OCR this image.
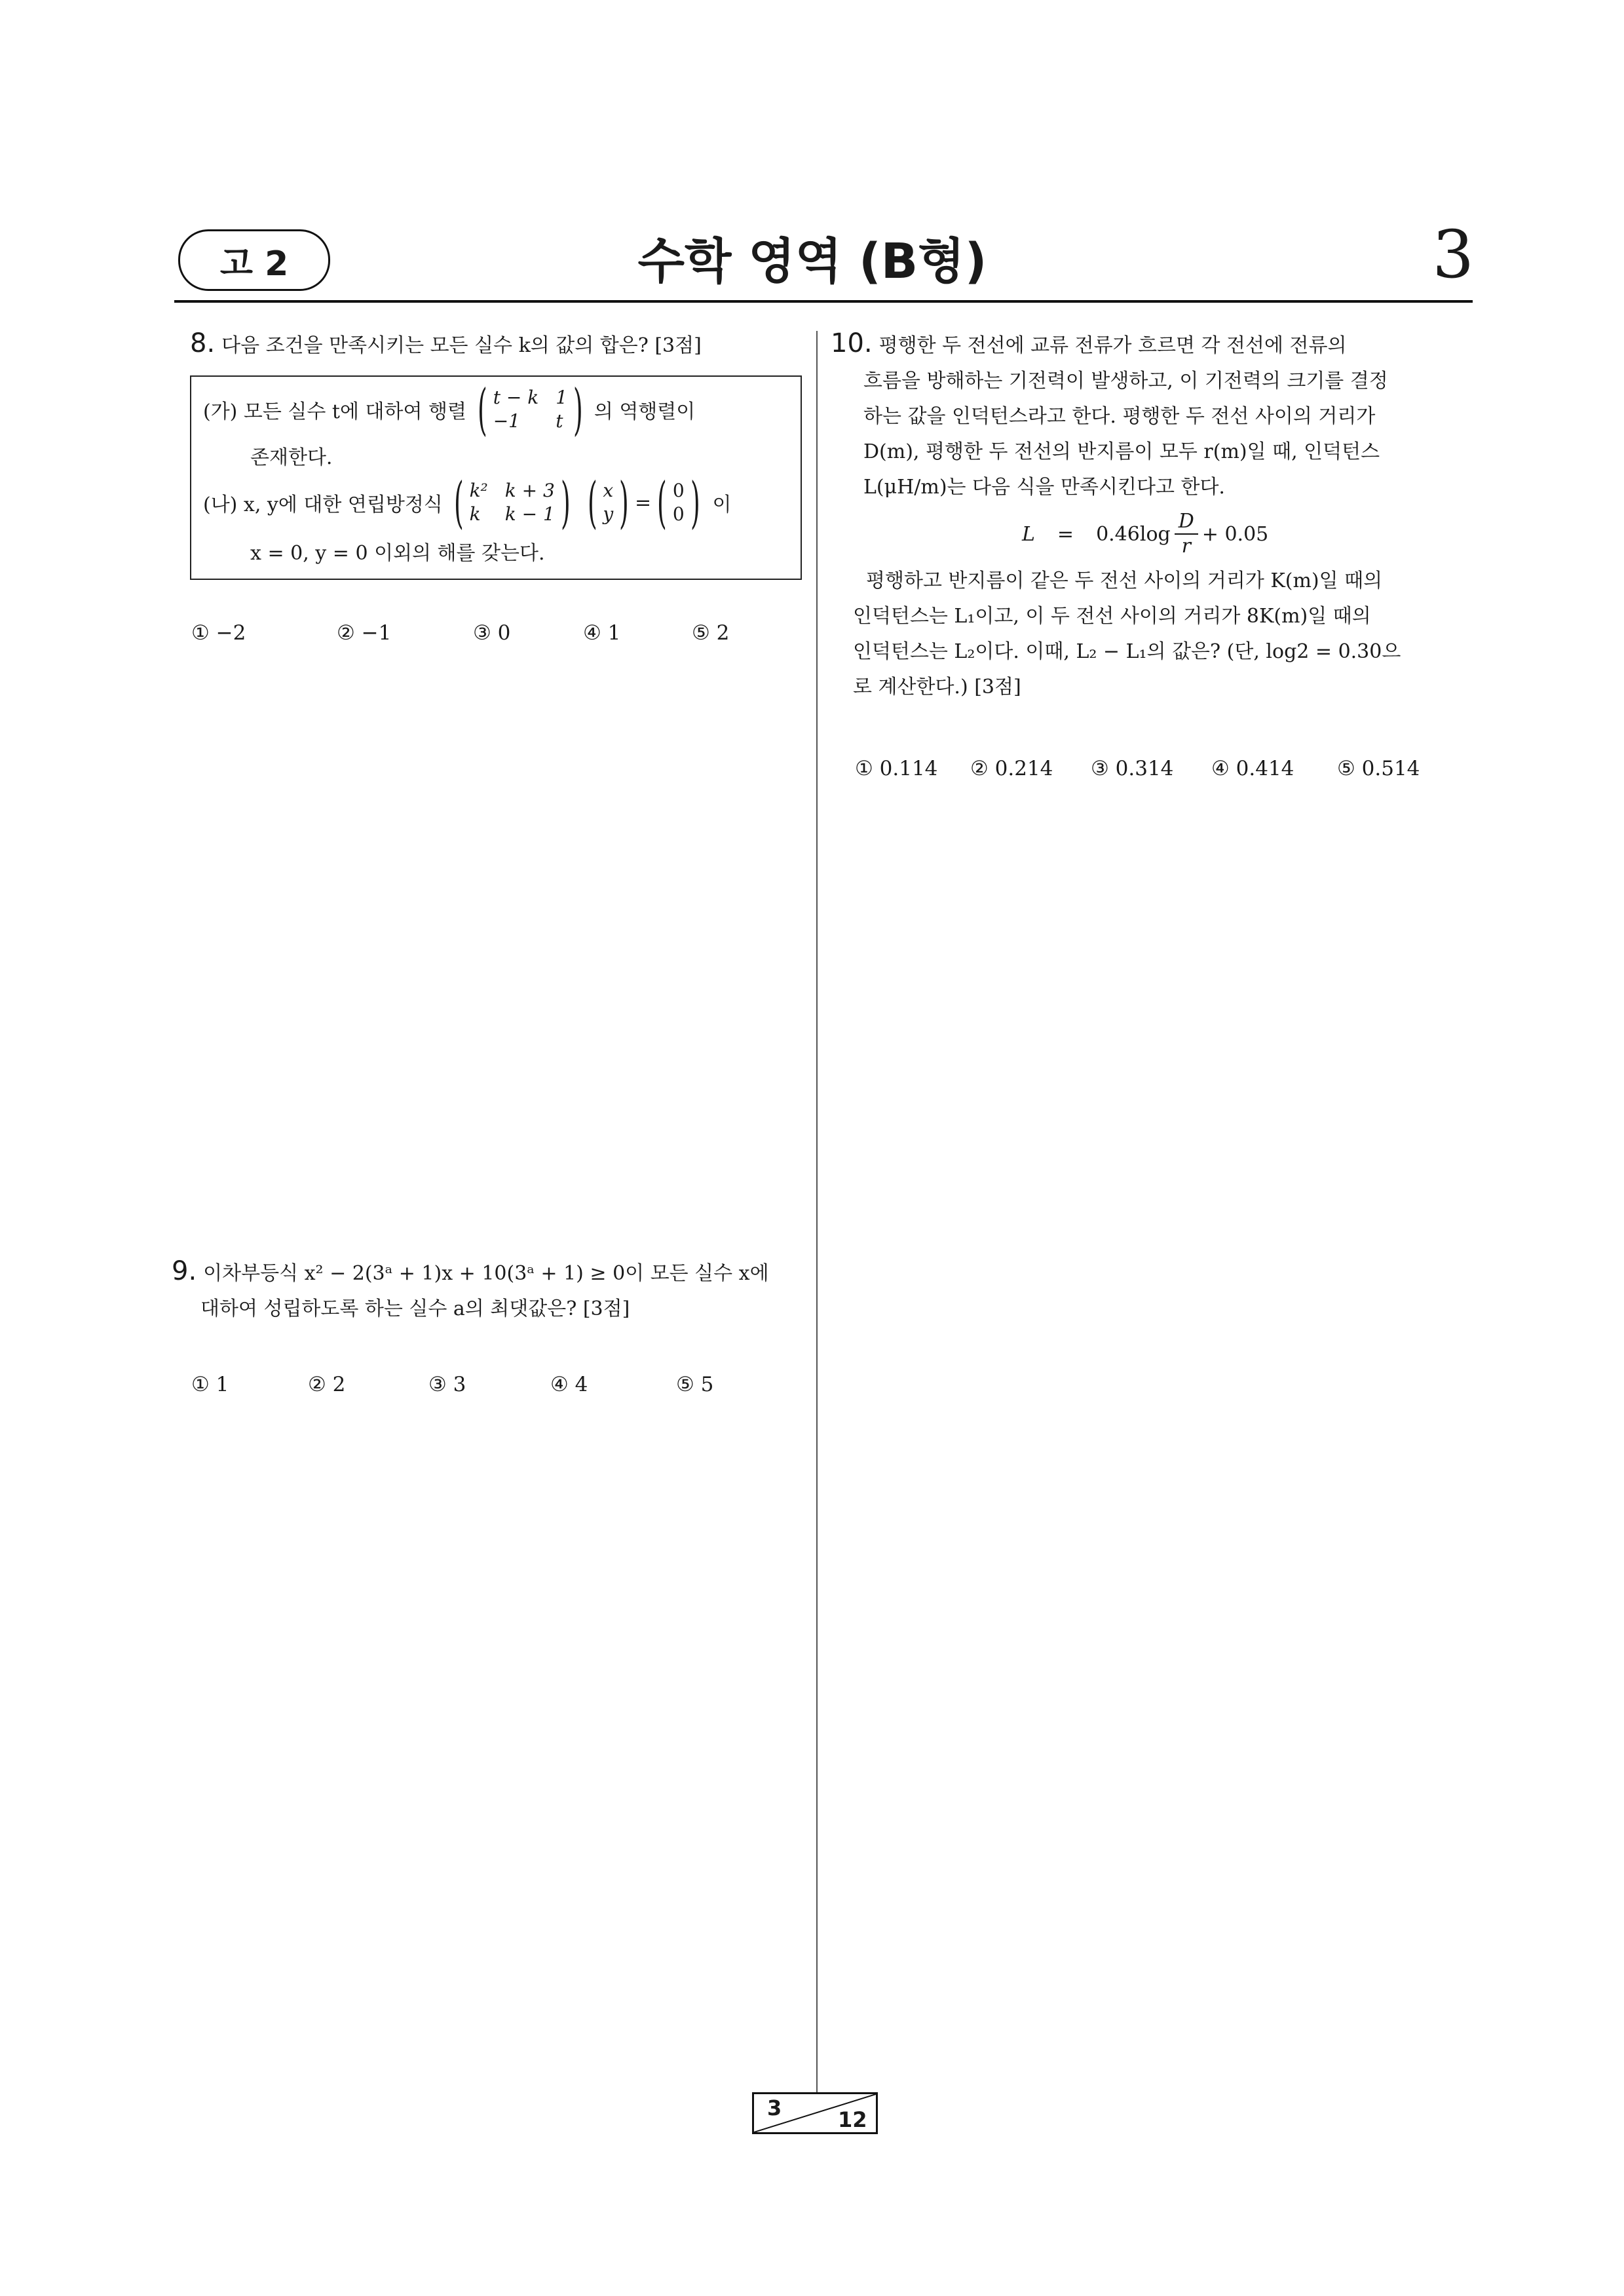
고 2	수학 영역 (B형)	3
8. 다음 조건을 만족시키는 모든 실수 k의 값의 합은? [3점]
(가) 모든 실수 t에 대하여 행렬 ( t − k 1
−1	t ) 의 역행렬이
존재한다.
(나) x, y에 대한 연립방정식 ( k² k + 3
k	k − 1 ) ( x
y ) = ( 0
0 ) 이
x = 0, y = 0 이외의 해를 갖는다.
① −2	② −1	③ 0	④ 1	⑤ 2
9. 이차부등식 x² − 2(3ᵃ + 1)x + 10(3ᵃ + 1) ≥ 0이 모든 실수 x에
대하여 성립하도록 하는 실수 a의 최댓값은? [3점]
① 1	② 2	③ 3	④ 4	⑤ 5
10. 평행한 두 전선에 교류 전류가 흐르면 각 전선에 전류의
흐름을 방해하는 기전력이 발생하고, 이 기전력의 크기를 결정
하는 값을 인덕턴스라고 한다. 평행한 두 전선 사이의 거리가
D(m), 평행한 두 전선의 반지름이 모두 r(m)일 때, 인덕턴스
L(μH/m)는 다음 식을 만족시킨다고 한다.
$L = 0.46\log \frac{D}{r} + 0.05$
평행하고 반지름이 같은 두 전선 사이의 거리가 K(m)일 때의
인덕턴스는 L₁이고, 이 두 전선 사이의 거리가 8K(m)일 때의
인덕턴스는 L₂이다. 이때, L₂ − L₁의 값은? (단, log2 = 0.30으
로 계산한다.) [3점]
① 0.114	② 0.214	③ 0.314	④ 0.414	⑤ 0.514
3	12
